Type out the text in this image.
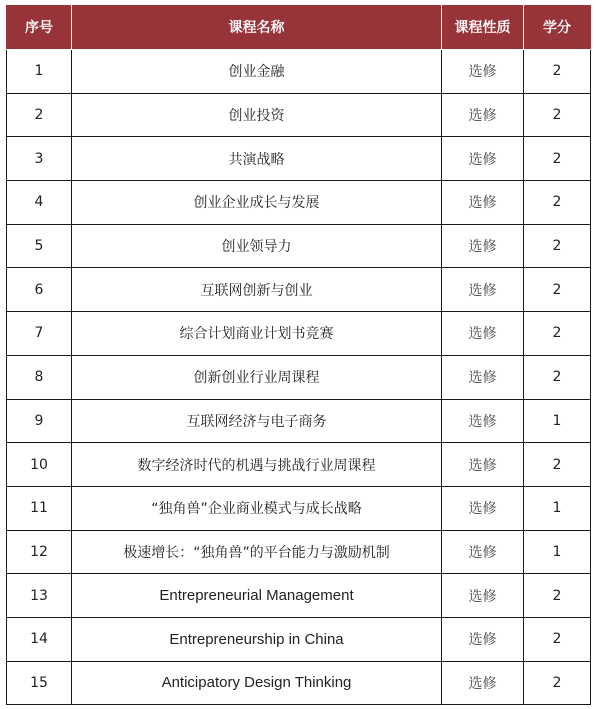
序号	课程名称	课程性质	学分
1	创业金融	选修	2
2	创业投资	选修	2
3	共演战略	选修	2
4	创业企业成长与发展	选修	2
5	创业领导力	选修	2
6	互联网创新与创业	选修	2
7	综合计划商业计划书竞赛	选修	2
8	创新创业行业周课程	选修	2
9	互联网经济与电子商务	选修	1
10	数字经济时代的机遇与挑战行业周课程	选修	2
11	“独角兽”企业商业模式与成长战略	选修	1
12	极速增长：“独角兽”的平台能力与激励机制	选修	1
13	Entrepreneurial Management	选修	2
14	Entrepreneurship in China	选修	2
15	Anticipatory Design Thinking	选修	2
